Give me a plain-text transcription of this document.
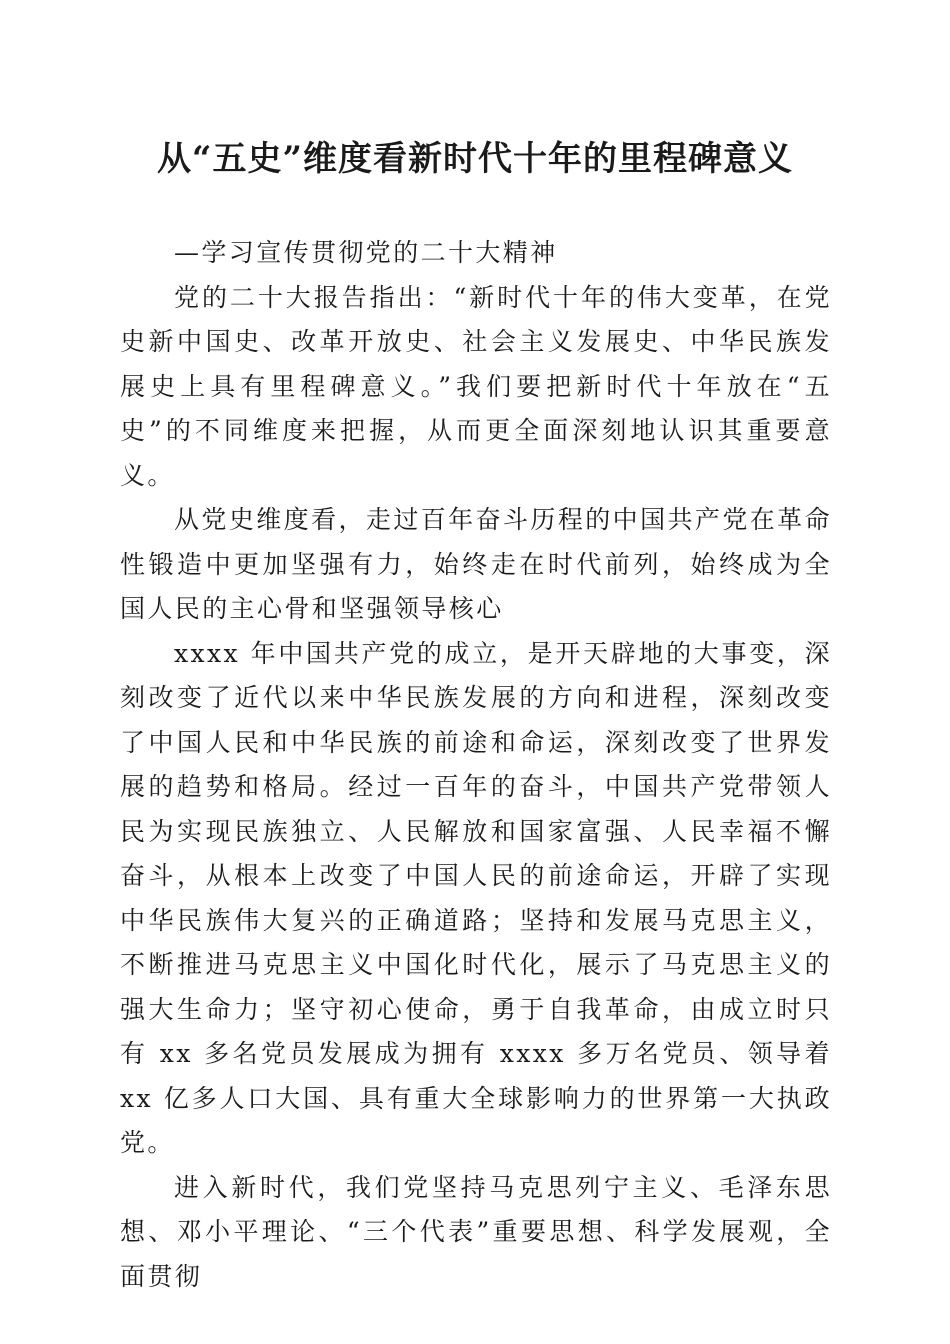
从“五史”维度看新时代十年的里程碑意义

—学习宣传贯彻党的二十大精神

党的二十大报告指出：“新时代十年的伟大变革，在党史新中国史、改革开放史、社会主义发展史、中华民族发展史上具有里程碑意义。”我们要把新时代十年放在“五史”的不同维度来把握，从而更全面深刻地认识其重要意义。

从党史维度看，走过百年奋斗历程的中国共产党在革命性锻造中更加坚强有力，始终走在时代前列，始终成为全国人民的主心骨和坚强领导核心

xxxx 年中国共产党的成立，是开天辟地的大事变，深刻改变了近代以来中华民族发展的方向和进程，深刻改变了中国人民和中华民族的前途和命运，深刻改变了世界发展的趋势和格局。经过一百年的奋斗，中国共产党带领人民为实现民族独立、人民解放和国家富强、人民幸福不懈奋斗，从根本上改变了中国人民的前途命运，开辟了实现中华民族伟大复兴的正确道路；坚持和发展马克思主义，不断推进马克思主义中国化时代化，展示了马克思主义的强大生命力；坚守初心使命，勇于自我革命，由成立时只有 xx 多名党员发展成为拥有 xxxx 多万名党员、领导着 xx 亿多人口大国、具有重大全球影响力的世界第一大执政党。

进入新时代，我们党坚持马克思列宁主义、毛泽东思想、邓小平理论、“三个代表”重要思想、科学发展观，全面贯彻
